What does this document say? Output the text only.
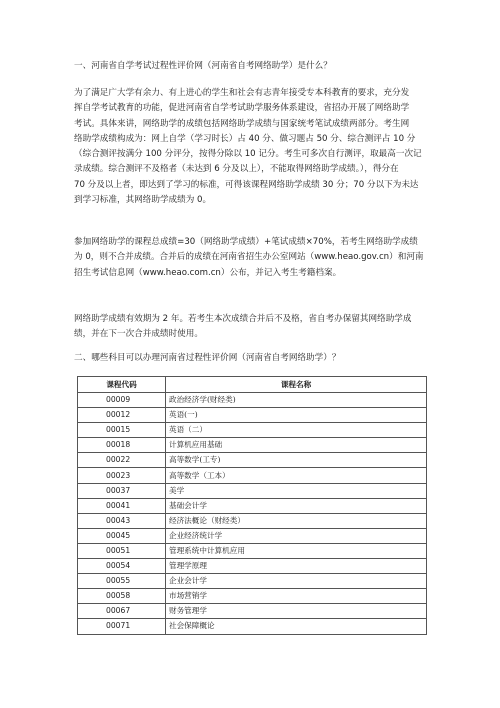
一、河南省自学考试过程性评价网（河南省自考网络助学）是什么？

为了满足广大学有余力、有上进心的学生和社会有志青年接受专本科教育的要求，充分发
挥自学考试教育的功能，促进河南省自学考试助学服务体系建设，省招办开展了网络助学
考试。具体来讲，网络助学的成绩包括网络助学成绩与国家统考笔试成绩两部分。考生网
络助学成绩构成为：网上自学（学习时长）占 40 分、做习题占 50 分、综合测评占 10 分
（综合测评按满分 100 分评分，按得分除以 10 记分。考生可多次自行测评，取最高一次记
录成绩。综合测评不及格者（未达到 6 分及以上），不能取得网络助学成绩。），得分在
70 分及以上者，即达到了学习的标准，可得该课程网络助学成绩 30 分；70 分以下为未达
到学习标准，其网络助学成绩为 0。

参加网络助学的课程总成绩=30（网络助学成绩）+笔试成绩×70%，若考生网络助学成绩
为 0，则不合并成绩。合并后的成绩在河南省招生办公室网站（www.heao.gov.cn）和河南
招生考试信息网（www.heao.com.cn）公布，并记入考生考籍档案。

网络助学成绩有效期为 2 年。若考生本次成绩合并后不及格，省自考办保留其网络助学成
绩，并在下一次合并成绩时使用。

二、哪些科目可以办理河南省过程性评价网（河南省自考网络助学）？

课程代码	课程名称
00009	政治经济学(财经类)
00012	英语(一)
00015	英语（二）
00018	计算机应用基础
00022	高等数学(工专)
00023	高等数学（工本）
00037	美学
00041	基础会计学
00043	经济法概论（财经类）
00045	企业经济统计学
00051	管理系统中计算机应用
00054	管理学原理
00055	企业会计学
00058	市场营销学
00067	财务管理学
00071	社会保障概论
